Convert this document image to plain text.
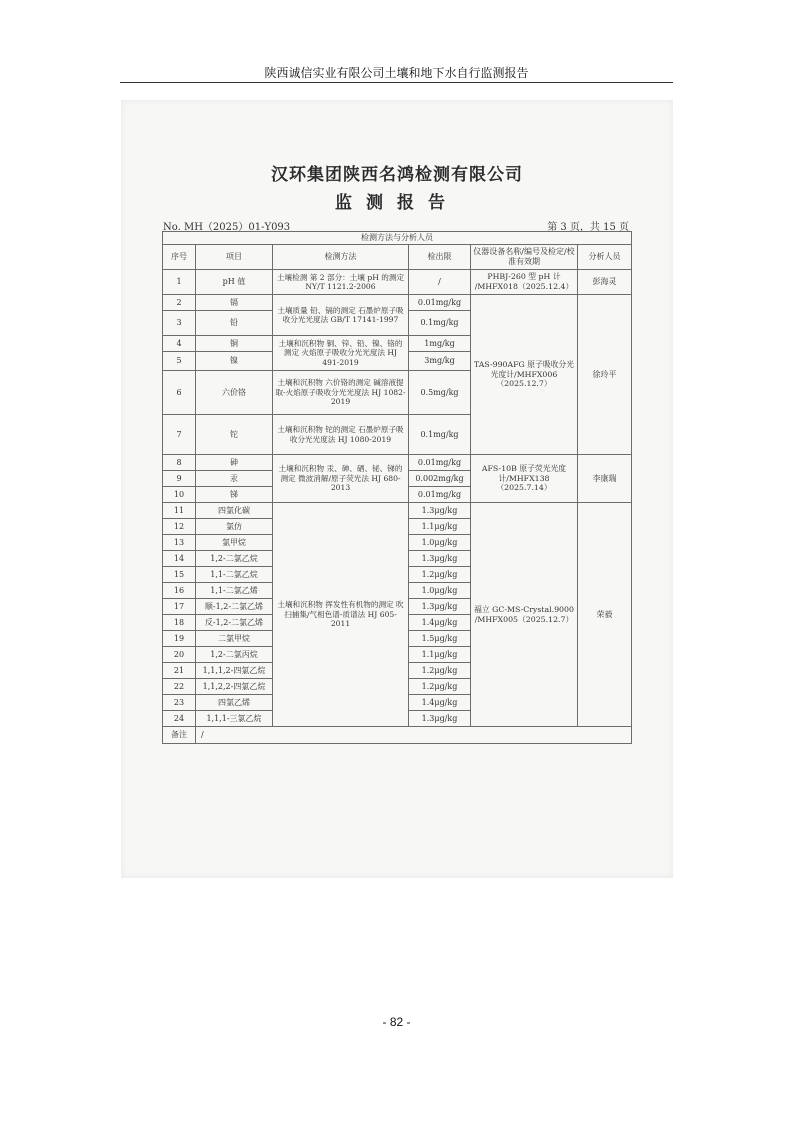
陕西诚信实业有限公司土壤和地下水自行监测报告
汉环集团陕西名鸿检测有限公司
监测报告
No. MH（2025）01-Y093	第 3 页，共 15 页
检测方法与分析人员					
序号	项目	检测方法	检出限	仪器设备名称/编号及检定/校准有效期	分析人员
1	pH 值	土壤检测 第 2 部分：土壤 pH 的测定 NY/T 1121.2-2006	/	PHBJ-260 型 pH 计 /MHFX018（2025.12.4）	彭海灵
2	镉	土壤质量 铅、镉的测定 石墨炉原子吸收分光光度法 GB/T 17141-1997	0.01mg/kg	TAS-990AFG 原子吸收分光光度计/MHFX006（2025.12.7）	徐玲平
3	铅		0.1mg/kg		
4	铜	土壤和沉积物 铜、锌、铅、镍、铬的测定 火焰原子吸收分光光度法 HJ 491-2019	1mg/kg		
5	镍		3mg/kg		
6	六价铬	土壤和沉积物 六价铬的测定 碱溶液提取-火焰原子吸收分光光度法 HJ 1082-2019	0.5mg/kg		
7	铊	土壤和沉积物 铊的测定 石墨炉原子吸收分光光度法 HJ 1080-2019	0.1mg/kg		
8	砷	土壤和沉积物 汞、砷、硒、铋、锑的测定 微波消解/原子荧光法 HJ 680-2013	0.01mg/kg	AFS-10B 原子荧光光度计/MHFX138（2025.7.14）	李康瑞
9	汞		0.002mg/kg		
10	锑		0.01mg/kg		
11	四氯化碳	土壤和沉积物 挥发性有机物的测定 吹扫捕集/气相色谱-质谱法 HJ 605-2011	1.3μg/kg	福立 GC-MS-Crystal.9000 /MHFX005（2025.12.7）	荣毅
12	氯仿		1.1μg/kg		
13	氯甲烷		1.0μg/kg		
14	1,2-二氯乙烷		1.3μg/kg		
15	1,1-二氯乙烷		1.2μg/kg		
16	1,1-二氯乙烯		1.0μg/kg		
17	顺-1,2-二氯乙烯		1.3μg/kg		
18	反-1,2-二氯乙烯		1.4μg/kg		
19	二氯甲烷		1.5μg/kg		
20	1,2-二氯丙烷		1.1μg/kg		
21	1,1,1,2-四氯乙烷		1.2μg/kg		
22	1,1,2,2-四氯乙烷		1.2μg/kg		
23	四氯乙烯		1.4μg/kg		
24	1,1,1-三氯乙烷		1.3μg/kg		
备注	/				
- 82 -
